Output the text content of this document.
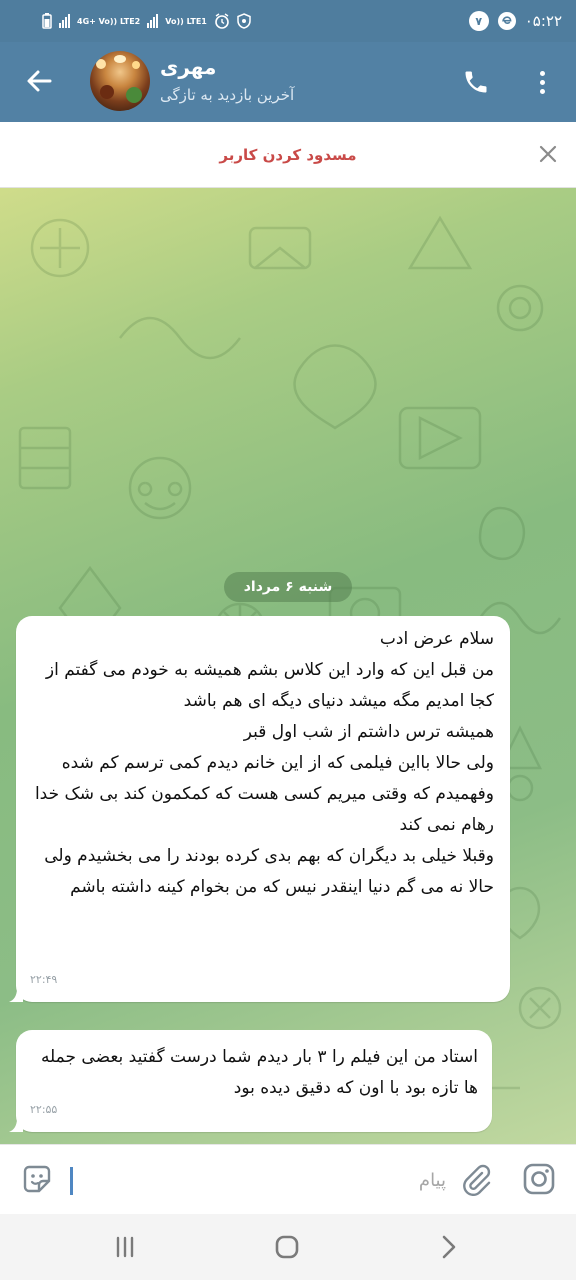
4G+ Vo)) LTE2	Vo)) LTE1	۷	۰۵:۲۲
مهری
آخرین بازدید به تازگی
مسدود کردن کاربر
شنبه ۶ مرداد
سلام عرض ادب
من قبل این که وارد این کلاس بشم همیشه به خودم می گفتم از کجا امدیم مگه میشد دنیای دیگه ای هم باشد
همیشه ترس داشتم از شب اول قبر
ولی حالا بااین فیلمی که از این خانم دیدم کمی ترسم کم شده
وفهمیدم که وقتی میریم کسی هست که کمکمون کند بی شک خدا رهام نمی کند
وقبلا خیلی بد دیگران که بهم بدی کرده بودند را می بخشیدم ولی حالا نه می گم دنیا اینقدر نیس که من بخوام کینه داشته باشم
۲۲:۴۹
استاد من این فیلم را ۳ بار دیدم شما درست گفتید بعضی جمله ها تازه بود با اون که دقیق دیده بود
۲۲:۵۵
پیام
